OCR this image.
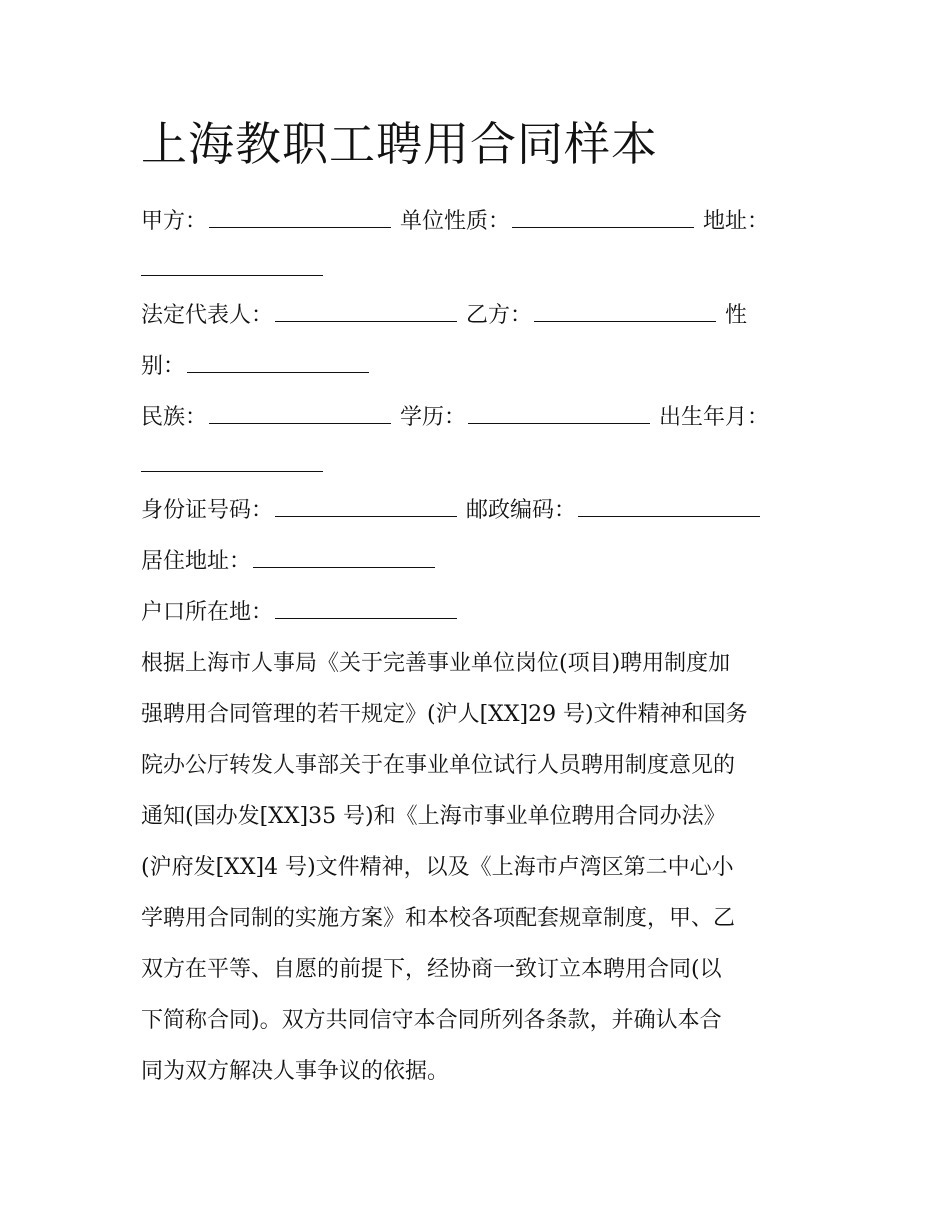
上海教职工聘用合同样本
甲方：	单位性质：	地址：
法定代表人：	乙方：	性
别：
民族：	学历：	出生年月：
身份证号码：	邮政编码：
居住地址：
户口所在地：
根据上海市人事局《关于完善事业单位岗位(项目)聘用制度加
强聘用合同管理的若干规定》(沪人[XX]29 号)文件精神和国务
院办公厅转发人事部关于在事业单位试行人员聘用制度意见的
通知(国办发[XX]35 号)和《上海市事业单位聘用合同办法》
(沪府发[XX]4 号)文件精神，以及《上海市卢湾区第二中心小
学聘用合同制的实施方案》和本校各项配套规章制度，甲、乙
双方在平等、自愿的前提下，经协商一致订立本聘用合同(以
下简称合同)。双方共同信守本合同所列各条款，并确认本合
同为双方解决人事争议的依据。
